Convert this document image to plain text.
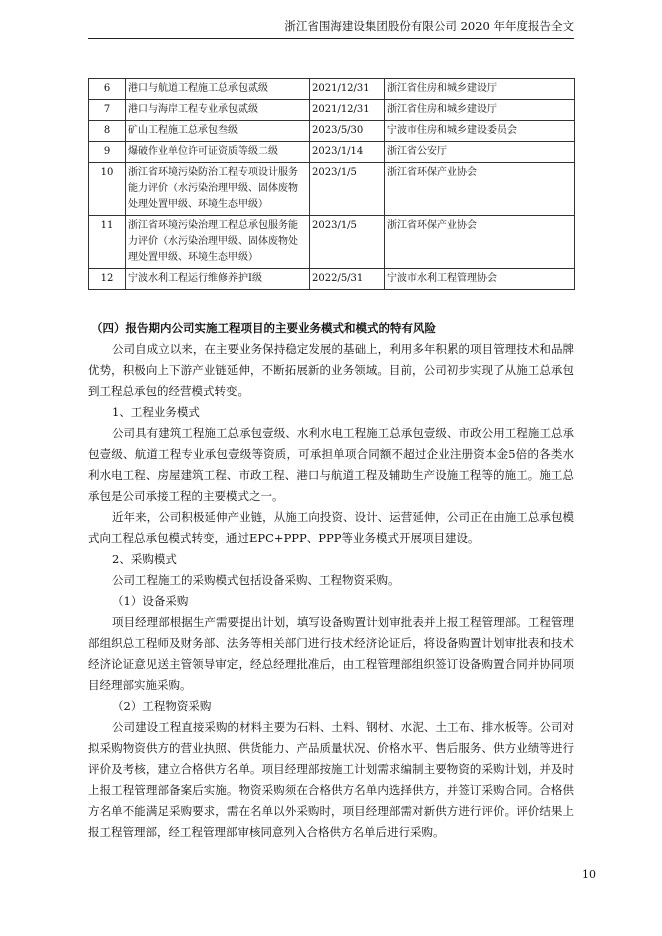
浙江省围海建设集团股份有限公司 2020 年年度报告全文
6	港口与航道工程施工总承包贰级	2021/12/31	浙江省住房和城乡建设厅
7	港口与海岸工程专业承包贰级	2021/12/31	浙江省住房和城乡建设厅
8	矿山工程施工总承包叁级	2023/5/30	宁波市住房和城乡建设委员会
9	爆破作业单位许可证资质等级二级	2023/1/14	浙江省公安厅
10	浙江省环境污染防治工程专项设计服务能力评价（水污染治理甲级、固体废物处理处置甲级、环境生态甲级）	2023/1/5	浙江省环保产业协会
11	浙江省环境污染治理工程总承包服务能力评价（水污染治理甲级、固体废物处理处置甲级、环境生态甲级）	2023/1/5	浙江省环保产业协会
12	宁波水利工程运行维修养护Ⅰ级	2022/5/31	宁波市水利工程管理协会

（四）报告期内公司实施工程项目的主要业务模式和模式的特有风险

公司自成立以来，在主要业务保持稳定发展的基础上，利用多年积累的项目管理技术和品牌优势，积极向上下游产业链延伸，不断拓展新的业务领域。目前，公司初步实现了从施工总承包到工程总承包的经营模式转变。

1、工程业务模式

公司具有建筑工程施工总承包壹级、水利水电工程施工总承包壹级、市政公用工程施工总承包壹级、航道工程专业承包壹级等资质，可承担单项合同额不超过企业注册资本金5倍的各类水利水电工程、房屋建筑工程、市政工程、港口与航道工程及辅助生产设施工程等的施工。施工总承包是公司承接工程的主要模式之一。

近年来，公司积极延伸产业链，从施工向投资、设计、运营延伸，公司正在由施工总承包模式向工程总承包模式转变，通过EPC+PPP、PPP等业务模式开展项目建设。

2、采购模式

公司工程施工的采购模式包括设备采购、工程物资采购。

（1）设备采购

项目经理部根据生产需要提出计划，填写设备购置计划审批表并上报工程管理部。工程管理部组织总工程师及财务部、法务等相关部门进行技术经济论证后，将设备购置计划审批表和技术经济论证意见送主管领导审定，经总经理批准后，由工程管理部组织签订设备购置合同并协同项目经理部实施采购。

（2）工程物资采购

公司建设工程直接采购的材料主要为石料、土料、钢材、水泥、土工布、排水板等。公司对拟采购物资供方的营业执照、供货能力、产品质量状况、价格水平、售后服务、供方业绩等进行评价及考核，建立合格供方名单。项目经理部按施工计划需求编制主要物资的采购计划，并及时上报工程管理部备案后实施。物资采购须在合格供方名单内选择供方，并签订采购合同。合格供方名单不能满足采购要求，需在名单以外采购时，项目经理部需对新供方进行评价。评价结果上报工程管理部，经工程管理部审核同意列入合格供方名单后进行采购。

10
